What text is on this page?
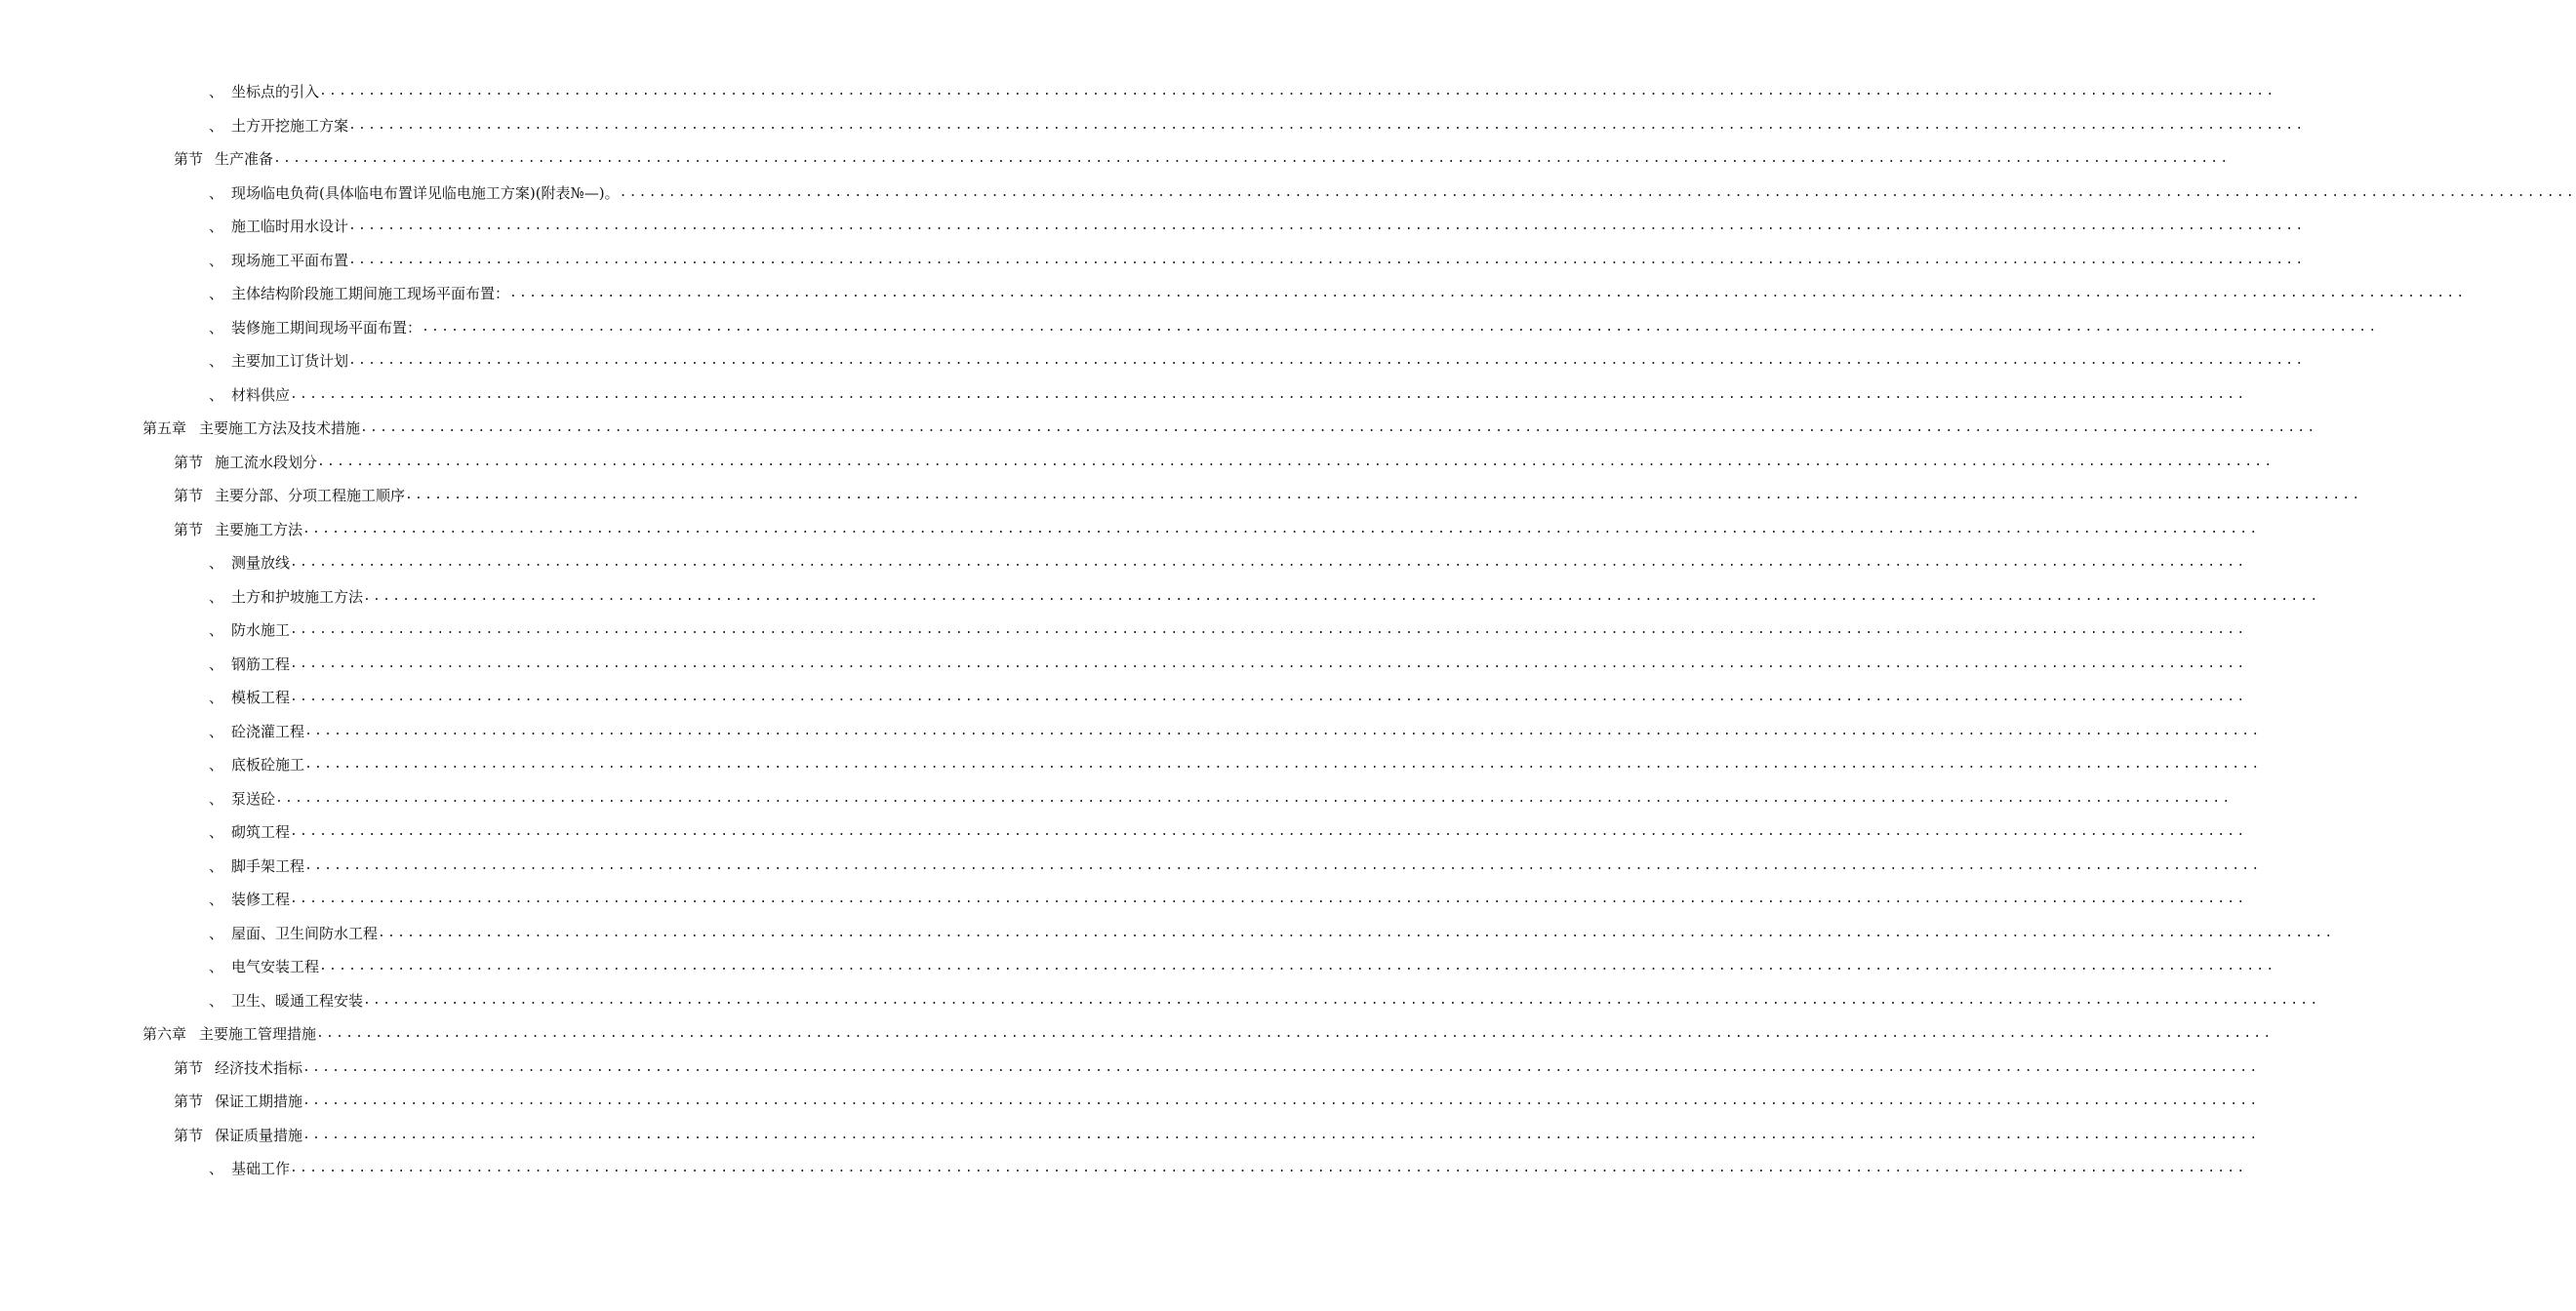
、 坐标点的引入 ........................................................................................................................................................................................................
、 土方开挖施工方案 ........................................................................................................................................................................................................
第节 生产准备 ........................................................................................................................................................................................................
、 现场临电负荷(具体临电布置详见临电施工方案)(附表№—)。 ........................................................................................................................................................................................................
、 施工临时用水设计 ........................................................................................................................................................................................................
、 现场施工平面布置 ........................................................................................................................................................................................................
、 主体结构阶段施工期间施工现场平面布置： ........................................................................................................................................................................................................
、 装修施工期间现场平面布置： ........................................................................................................................................................................................................
、 主要加工订货计划 ........................................................................................................................................................................................................
、 材料供应 ........................................................................................................................................................................................................
第五章 主要施工方法及技术措施 ........................................................................................................................................................................................................
第节 施工流水段划分 ........................................................................................................................................................................................................
第节 主要分部、分项工程施工顺序 ........................................................................................................................................................................................................
第节 主要施工方法 ........................................................................................................................................................................................................
、 测量放线 ........................................................................................................................................................................................................
、 土方和护坡施工方法 ........................................................................................................................................................................................................
、 防水施工 ........................................................................................................................................................................................................
、 钢筋工程 ........................................................................................................................................................................................................
、 模板工程 ........................................................................................................................................................................................................
、 砼浇灌工程 ........................................................................................................................................................................................................
、 底板砼施工 ........................................................................................................................................................................................................
、 泵送砼 ........................................................................................................................................................................................................
、 砌筑工程 ........................................................................................................................................................................................................
、 脚手架工程 ........................................................................................................................................................................................................
、 装修工程 ........................................................................................................................................................................................................
、 屋面、卫生间防水工程 ........................................................................................................................................................................................................
、 电气安装工程 ........................................................................................................................................................................................................
、 卫生、暖通工程安装 ........................................................................................................................................................................................................
第六章 主要施工管理措施 ........................................................................................................................................................................................................
第节 经济技术指标 ........................................................................................................................................................................................................
第节 保证工期措施 ........................................................................................................................................................................................................
第节 保证质量措施 ........................................................................................................................................................................................................
、 基础工作 ........................................................................................................................................................................................................
